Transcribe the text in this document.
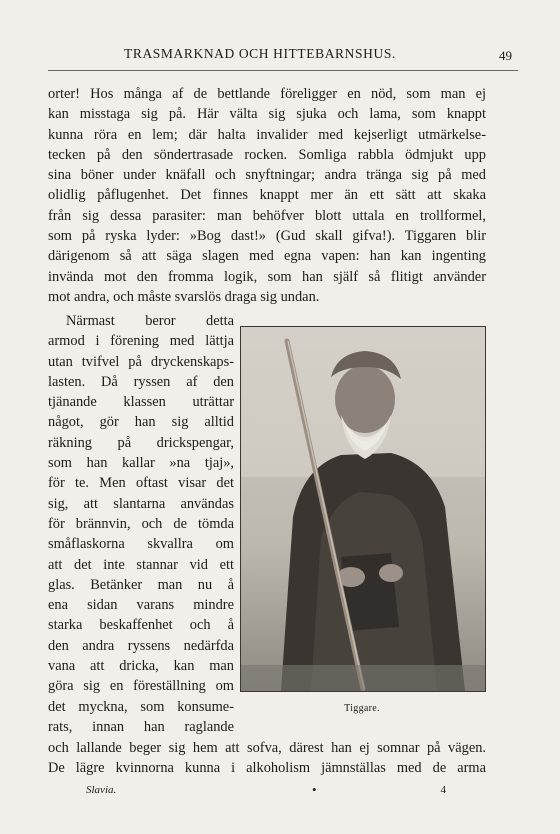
TRASMARKNAD OCH HITTEBARNSHUS.	49

orter! Hos många af de bettlande föreligger en nöd, som man ej

kan misstaga sig på. Här välta sig sjuka och lama, som knappt

kunna röra en lem; där halta invalider med kejserligt utmärkelse-

tecken på den söndertrasade rocken. Somliga rabbla ödmjukt upp

sina böner under knäfall och snyftningar; andra tränga sig på med

olidlig påflugenhet. Det finnes knappt mer än ett sätt att skaka

från sig dessa parasiter: man behöfver blott uttala en trollformel,

som på ryska lyder: »Bog dast!» (Gud skall gifva!). Tiggaren blir

därigenom så att säga slagen med egna vapen: han kan ingenting

invända mot den fromma logik, som han själf så flitigt använder

mot andra, och måste svarslös draga sig undan.

Närmast beror detta

armod i förening med lättja

utan tvifvel på dryckenskaps-

lasten. Då ryssen af den

tjänande klassen uträttar

något, gör han sig alltid

räkning på drickspengar,

som han kallar »na tjaj»,

för te. Men oftast visar det

sig, att slantarna användas

för brännvin, och de tömda

småflaskorna skvallra om

att det inte stannar vid ett

glas. Betänker man nu å

ena sidan varans mindre

starka beskaffenhet och å

den andra ryssens nedärfda

vana att dricka, kan man

göra sig en föreställning om

det myckna, som konsume-

rats, innan han raglande

Tiggare.

och lallande beger sig hem att sofva, därest han ej somnar på vägen.

De lägre kvinnorna kunna i alkoholism jämnställas med de arma

Slavia.	•	4
